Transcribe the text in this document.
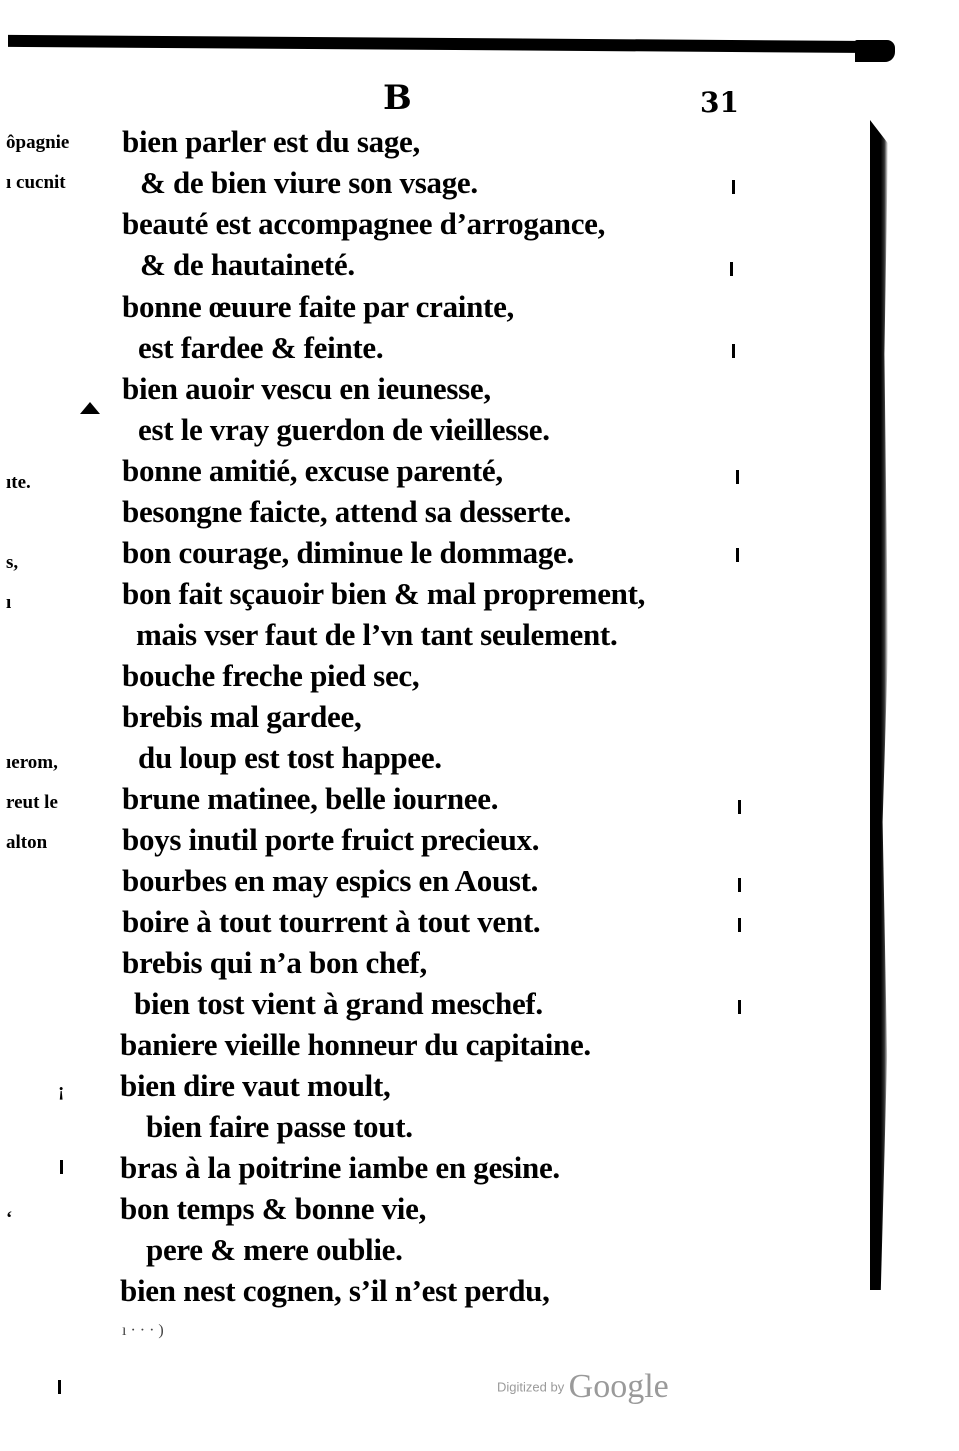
B	31
ôpagnie
ı cucnit
ıte.
s,
ı
ıerom,
reut le
alton
¡
ʻ
bien parler est du sage,
& de bien viure son vsage.
beauté est accompagnee d’arrogance,
& de hautaineté.
bonne œuure faite par crainte,
est fardee & feinte.
bien auoir vescu en ieunesse,
est le vray guerdon de vieillesse.
bonne amitié, excuse parenté,
besongne faicte, attend sa desserte.
bon courage, diminue le dommage.
bon fait sçauoir bien & mal proprement,
mais vser faut de l’vn tant seulement.
bouche freche pied sec,
brebis mal gardee,
du loup est tost happee.
brune matinee, belle iournee.
boys inutil porte fruict precieux.
bourbes en may espics en Aoust.
boire à tout tourrent à tout vent.
brebis qui n’a bon chef,
bien tost vient à grand meschef.
baniere vieille honneur du capitaine.
bien dire vaut moult,
bien faire passe tout.
bras à la poitrine iambe en gesine.
bon temps & bonne vie,
pere & mere oublie.
bien nest cognen, s’il n’est perdu,
ı · · · )
Digitized by Google
